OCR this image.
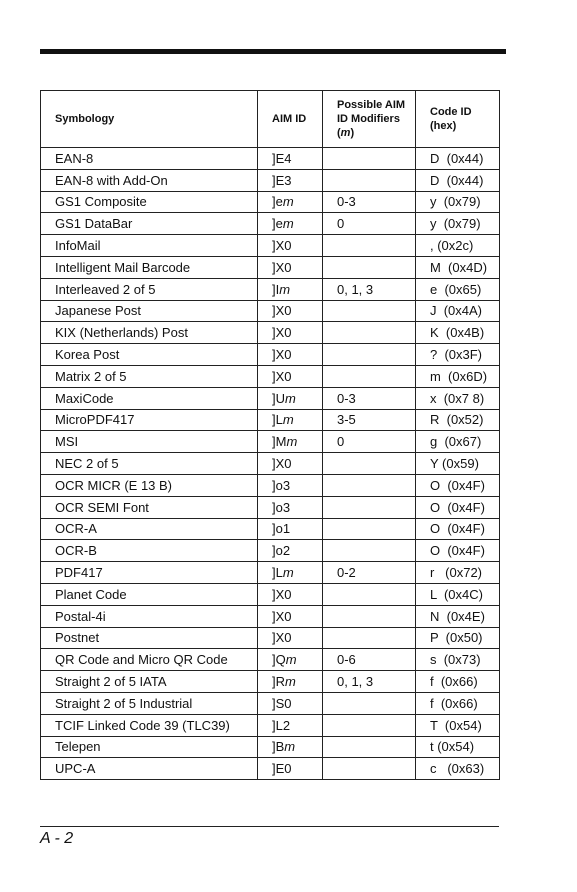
Symbology	AIM ID	Possible AIM ID Modifiers (m)	Code ID (hex)
EAN-8	]E4		D  (0x44)
EAN-8 with Add-On	]E3		D  (0x44)
GS1 Composite	]em	0-3	y  (0x79)
GS1 DataBar	]em	0	y  (0x79)
InfoMail	]X0		, (0x2c)
Intelligent Mail Barcode	]X0		M  (0x4D)
Interleaved 2 of 5	]Im	0, 1, 3	e  (0x65)
Japanese Post	]X0		J  (0x4A)
KIX (Netherlands) Post	]X0		K  (0x4B)
Korea Post	]X0		?  (0x3F)
Matrix 2 of 5	]X0		m  (0x6D)
MaxiCode	]Um	0-3	x  (0x7 8)
MicroPDF417	]Lm	3-5	R  (0x52)
MSI	]Mm	0	g  (0x67)
NEC 2 of 5	]X0		Y (0x59)
OCR MICR (E 13 B)	]o3		O  (0x4F)
OCR SEMI Font	]o3		O  (0x4F)
OCR-A	]o1		O  (0x4F)
OCR-B	]o2		O  (0x4F)
PDF417	]Lm	0-2	r   (0x72)
Planet Code	]X0		L  (0x4C)
Postal-4i	]X0		N  (0x4E)
Postnet	]X0		P  (0x50)
QR Code and Micro QR Code	]Qm	0-6	s  (0x73)
Straight 2 of 5 IATA	]Rm	0, 1, 3	f  (0x66)
Straight 2 of 5 Industrial	]S0		f  (0x66)
TCIF Linked Code 39 (TLC39)	]L2		T  (0x54)
Telepen	]Bm		t (0x54)
UPC-A	]E0		c   (0x63)
A - 2
